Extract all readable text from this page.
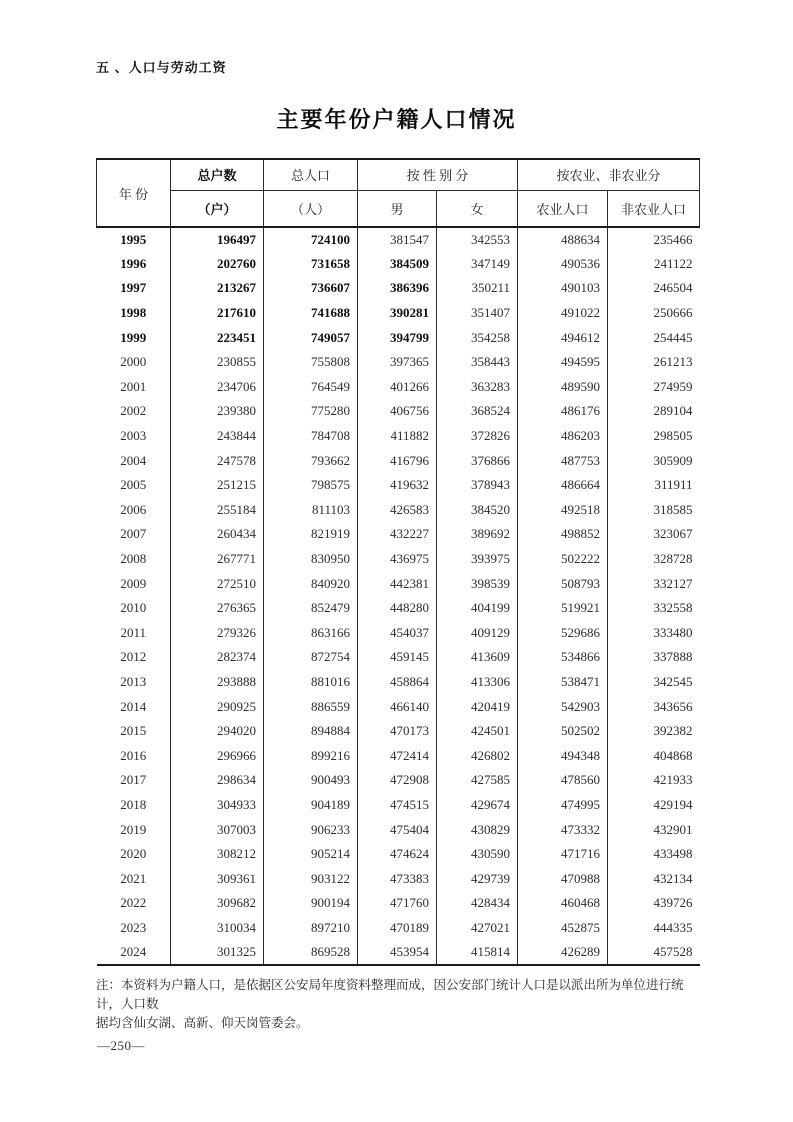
五 、人口与劳动工资
主要年份户籍人口情况
年 份	总户数	总人口	按 性 别 分		按农业、非农业分	
	（户）	（人）	男	女	农业人口	非农业人口
1995	196497	724100	381547	342553	488634	235466
1996	202760	731658	384509	347149	490536	241122
1997	213267	736607	386396	350211	490103	246504
1998	217610	741688	390281	351407	491022	250666
1999	223451	749057	394799	354258	494612	254445
2000	230855	755808	397365	358443	494595	261213
2001	234706	764549	401266	363283	489590	274959
2002	239380	775280	406756	368524	486176	289104
2003	243844	784708	411882	372826	486203	298505
2004	247578	793662	416796	376866	487753	305909
2005	251215	798575	419632	378943	486664	311911
2006	255184	811103	426583	384520	492518	318585
2007	260434	821919	432227	389692	498852	323067
2008	267771	830950	436975	393975	502222	328728
2009	272510	840920	442381	398539	508793	332127
2010	276365	852479	448280	404199	519921	332558
2011	279326	863166	454037	409129	529686	333480
2012	282374	872754	459145	413609	534866	337888
2013	293888	881016	458864	413306	538471	342545
2014	290925	886559	466140	420419	542903	343656
2015	294020	894884	470173	424501	502502	392382
2016	296966	899216	472414	426802	494348	404868
2017	298634	900493	472908	427585	478560	421933
2018	304933	904189	474515	429674	474995	429194
2019	307003	906233	475404	430829	473332	432901
2020	308212	905214	474624	430590	471716	433498
2021	309361	903122	473383	429739	470988	432134
2022	309682	900194	471760	428434	460468	439726
2023	310034	897210	470189	427021	452875	444335
2024	301325	869528	453954	415814	426289	457528
注：本资料为户籍人口，是依据区公安局年度资料整理而成，因公安部门统计人口是以派出所为单位进行统计，人口数
据均含仙女湖、高新、仰天岗管委会。
—250—
